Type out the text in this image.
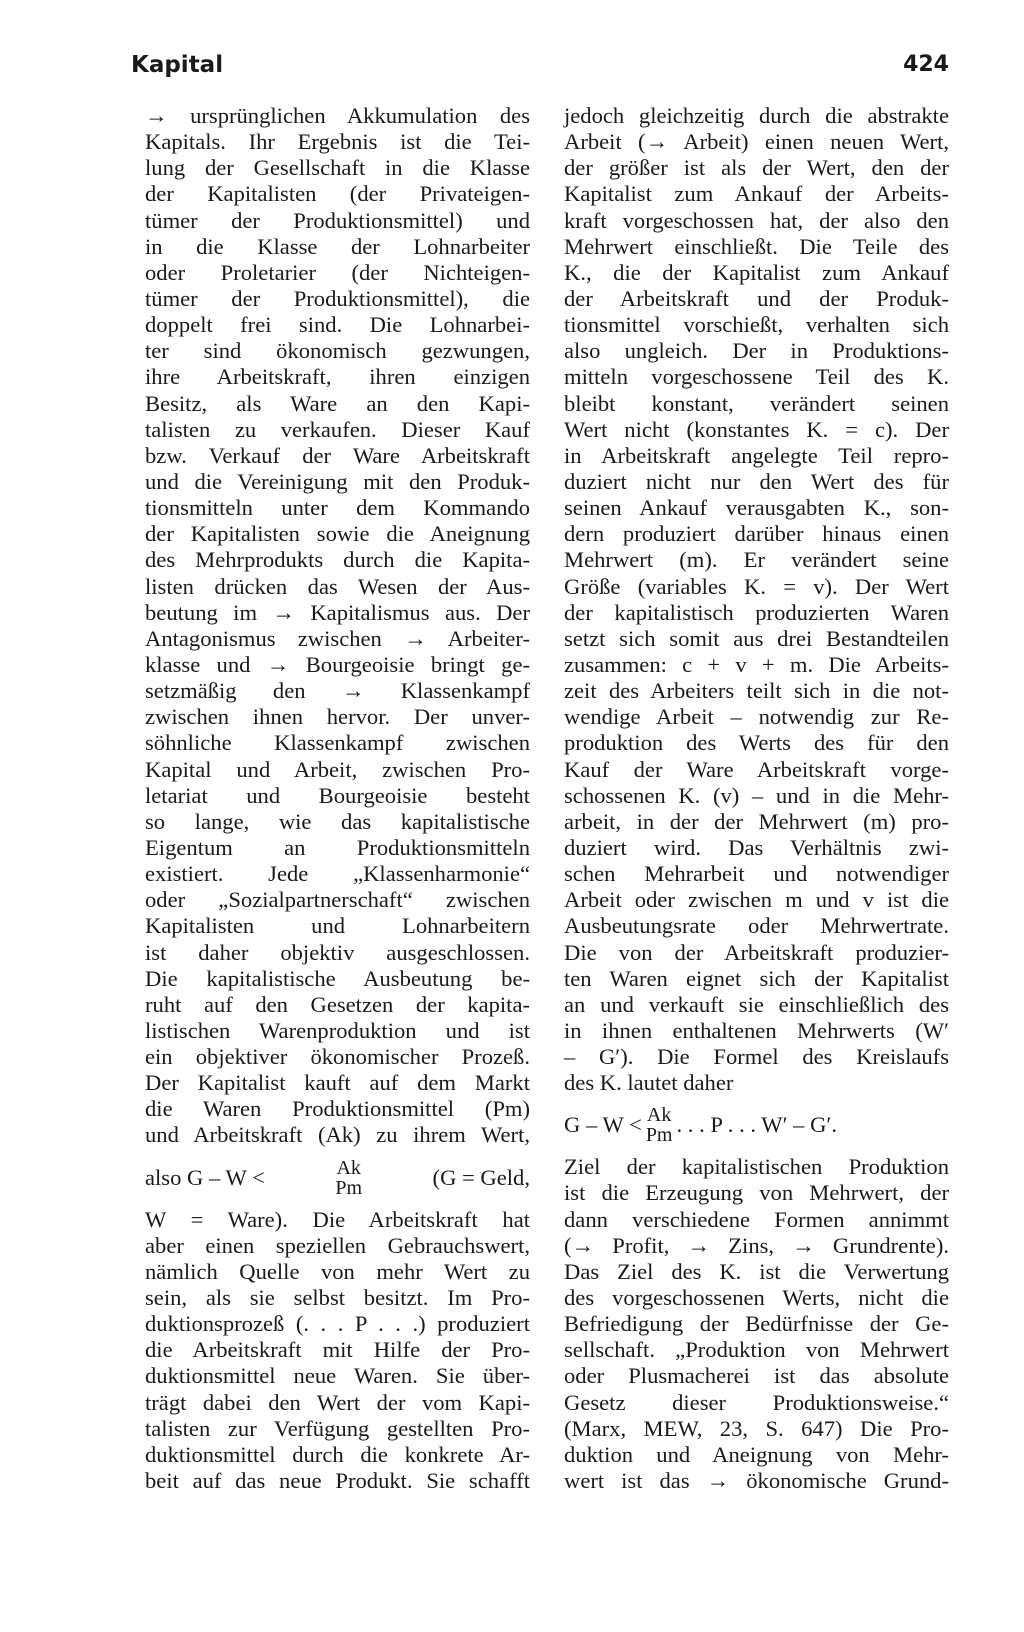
Kapital	424
→ ursprünglichen Akkumulation des
Kapitals. Ihr Ergebnis ist die Tei-
lung der Gesellschaft in die Klasse
der Kapitalisten (der Privateigen-
tümer der Produktionsmittel) und
in die Klasse der Lohnarbeiter
oder Proletarier (der Nichteigen-
tümer der Produktionsmittel), die
doppelt frei sind. Die Lohnarbei-
ter sind ökonomisch gezwungen,
ihre Arbeitskraft, ihren einzigen
Besitz, als Ware an den Kapi-
talisten zu verkaufen. Dieser Kauf
bzw. Verkauf der Ware Arbeitskraft
und die Vereinigung mit den Produk-
tionsmitteln unter dem Kommando
der Kapitalisten sowie die Aneignung
des Mehrprodukts durch die Kapita-
listen drücken das Wesen der Aus-
beutung im → Kapitalismus aus. Der
Antagonismus zwischen → Arbeiter-
klasse und → Bourgeoisie bringt ge-
setzmäßig den → Klassenkampf
zwischen ihnen hervor. Der unver-
söhnliche Klassenkampf zwischen
Kapital und Arbeit, zwischen Pro-
letariat und Bourgeoisie besteht
so lange, wie das kapitalistische
Eigentum an Produktionsmitteln
existiert. Jede „Klassenharmonie“
oder „Sozialpartnerschaft“ zwischen
Kapitalisten und Lohnarbeitern
ist daher objektiv ausgeschlossen.
Die kapitalistische Ausbeutung be-
ruht auf den Gesetzen der kapita-
listischen Warenproduktion und ist
ein objektiver ökonomischer Prozeß.
Der Kapitalist kauft auf dem Markt
die Waren Produktionsmittel (Pm)
und Arbeitskraft (Ak) zu ihrem Wert,
also G – W <	Ak
Pm	(G = Geld,
W = Ware). Die Arbeitskraft hat
aber einen speziellen Gebrauchswert,
nämlich Quelle von mehr Wert zu
sein, als sie selbst besitzt. Im Pro-
duktionsprozeß (. . . P . . .) produziert
die Arbeitskraft mit Hilfe der Pro-
duktionsmittel neue Waren. Sie über-
trägt dabei den Wert der vom Kapi-
talisten zur Verfügung gestellten Pro-
duktionsmittel durch die konkrete Ar-
beit auf das neue Produkt. Sie schafft
jedoch gleichzeitig durch die abstrakte
Arbeit (→ Arbeit) einen neuen Wert,
der größer ist als der Wert, den der
Kapitalist zum Ankauf der Arbeits-
kraft vorgeschossen hat, der also den
Mehrwert einschließt. Die Teile des
K., die der Kapitalist zum Ankauf
der Arbeitskraft und der Produk-
tionsmittel vorschießt, verhalten sich
also ungleich. Der in Produktions-
mitteln vorgeschossene Teil des K.
bleibt konstant, verändert seinen
Wert nicht (konstantes K. = c). Der
in Arbeitskraft angelegte Teil repro-
duziert nicht nur den Wert des für
seinen Ankauf verausgabten K., son-
dern produziert darüber hinaus einen
Mehrwert (m). Er verändert seine
Größe (variables K. = v). Der Wert
der kapitalistisch produzierten Waren
setzt sich somit aus drei Bestandteilen
zusammen: c + v + m. Die Arbeits-
zeit des Arbeiters teilt sich in die not-
wendige Arbeit – notwendig zur Re-
produktion des Werts des für den
Kauf der Ware Arbeitskraft vorge-
schossenen K. (v) – und in die Mehr-
arbeit, in der der Mehrwert (m) pro-
duziert wird. Das Verhältnis zwi-
schen Mehrarbeit und notwendiger
Arbeit oder zwischen m und v ist die
Ausbeutungsrate oder Mehrwertrate.
Die von der Arbeitskraft produzier-
ten Waren eignet sich der Kapitalist
an und verkauft sie einschließlich des
in ihnen enthaltenen Mehrwerts (W′
– G′). Die Formel des Kreislaufs
des K. lautet daher
G – W < Ak
Pm . . . P . . . W′ – G′.
Ziel der kapitalistischen Produktion
ist die Erzeugung von Mehrwert, der
dann verschiedene Formen annimmt
(→ Profit, → Zins, → Grundrente).
Das Ziel des K. ist die Verwertung
des vorgeschossenen Werts, nicht die
Befriedigung der Bedürfnisse der Ge-
sellschaft. „Produktion von Mehrwert
oder Plusmacherei ist das absolute
Gesetz dieser Produktionsweise.“
(Marx, MEW, 23, S. 647) Die Pro-
duktion und Aneignung von Mehr-
wert ist das → ökonomische Grund-
